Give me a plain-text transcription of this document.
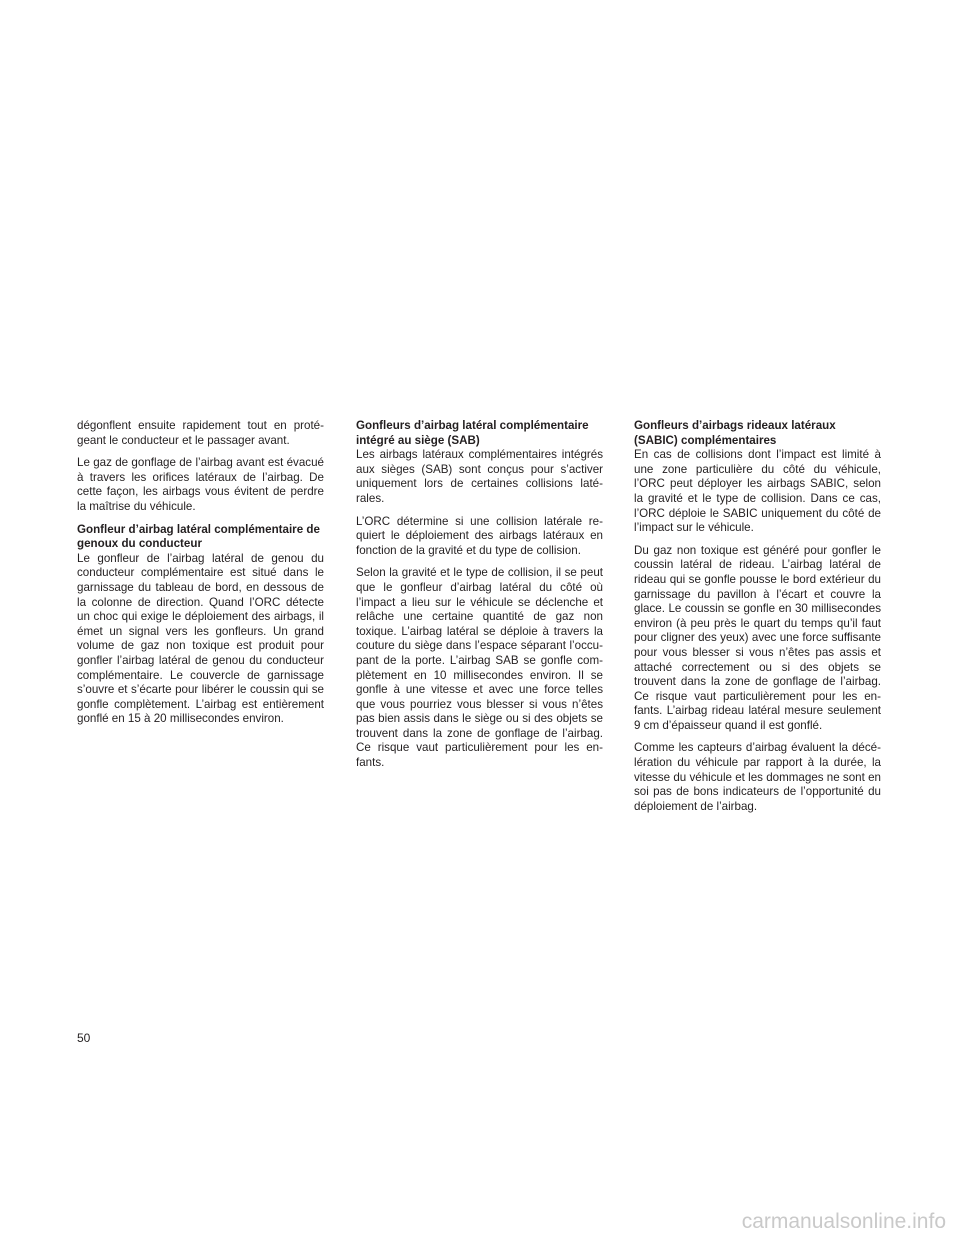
dégonflent ensuite rapidement tout en protégeant le conducteur et le passager avant.

Le gaz de gonflage de l’airbag avant est évacué à travers les orifices latéraux de l’airbag. De cette façon, les airbags vous évitent de perdre la maîtrise du véhicule.

Gonfleur d’airbag latéral complémentaire de genoux du conducteur

Le gonfleur de l’airbag latéral de genou du conducteur complémentaire est situé dans le garnissage du tableau de bord, en dessous de la colonne de direction. Quand l’ORC détecte un choc qui exige le déploiement des airbags, il émet un signal vers les gonfleurs. Un grand volume de gaz non toxique est produit pour gonfler l’airbag latéral de genou du conducteur complémentaire. Le couvercle de garnissage s’ouvre et s’écarte pour libérer le coussin qui se gonfle complètement. L’airbag est entièrement gonflé en 15 à 20 millisecondes environ.

Gonfleurs d’airbag latéral complémentaire intégré au siège (SAB)

Les airbags latéraux complémentaires intégrés aux sièges (SAB) sont conçus pour s’activer uniquement lors de certaines collisions latérales.

L’ORC détermine si une collision latérale requiert le déploiement des airbags latéraux en fonction de la gravité et du type de collision.

Selon la gravité et le type de collision, il se peut que le gonfleur d’airbag latéral du côté où l’impact a lieu sur le véhicule se déclenche et relâche une certaine quantité de gaz non toxique. L’airbag latéral se déploie à travers la couture du siège dans l’espace séparant l’occupant de la porte. L’airbag SAB se gonfle complètement en 10 millisecondes environ. Il se gonfle à une vitesse et avec une force telles que vous pourriez vous blesser si vous n’êtes pas bien assis dans le siège ou si des objets se trouvent dans la zone de gonflage de l’airbag. Ce risque vaut particulièrement pour les enfants.

Gonfleurs d’airbags rideaux latéraux (SABIC) complémentaires

En cas de collisions dont l’impact est limité à une zone particulière du côté du véhicule, l’ORC peut déployer les airbags SABIC, selon la gravité et le type de collision. Dans ce cas, l’ORC déploie le SABIC uniquement du côté de l’impact sur le véhicule.

Du gaz non toxique est généré pour gonfler le coussin latéral de rideau. L’airbag latéral de rideau qui se gonfle pousse le bord extérieur du garnissage du pavillon à l’écart et couvre la glace. Le coussin se gonfle en 30 millisecondes environ (à peu près le quart du temps qu’il faut pour cligner des yeux) avec une force suffisante pour vous blesser si vous n’êtes pas assis et attaché correctement ou si des objets se trouvent dans la zone de gonflage de l’airbag. Ce risque vaut particulièrement pour les enfants. L’airbag rideau latéral mesure seulement 9 cm d’épaisseur quand il est gonflé.

Comme les capteurs d’airbag évaluent la décélération du véhicule par rapport à la durée, la vitesse du véhicule et les dommages ne sont en soi pas de bons indicateurs de l’opportunité du déploiement de l’airbag.

50
carmanualsonline.info
